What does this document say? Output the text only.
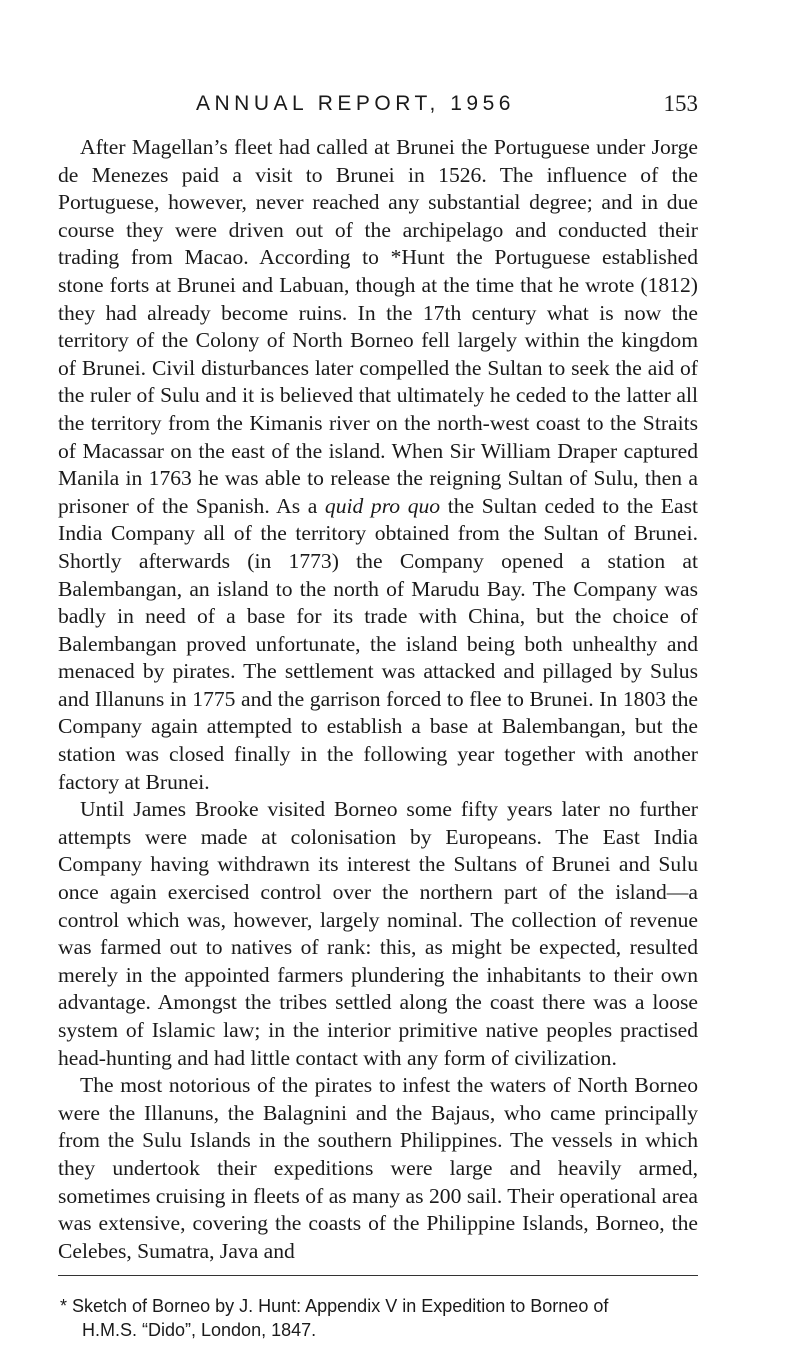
ANNUAL REPORT, 1956	153

After Magellan’s fleet had called at Brunei the Portuguese under Jorge de Menezes paid a visit to Brunei in 1526. The influence of the Portuguese, however, never reached any substantial degree; and in due course they were driven out of the archipelago and conducted their trading from Macao. According to *Hunt the Portuguese established stone forts at Brunei and Labuan, though at the time that he wrote (1812) they had already become ruins. In the 17th century what is now the territory of the Colony of North Borneo fell largely within the kingdom of Brunei. Civil disturbances later compelled the Sultan to seek the aid of the ruler of Sulu and it is believed that ultimately he ceded to the latter all the territory from the Kimanis river on the north-west coast to the Straits of Macassar on the east of the island. When Sir William Draper captured Manila in 1763 he was able to release the reigning Sultan of Sulu, then a prisoner of the Spanish. As a quid pro quo the Sultan ceded to the East India Company all of the territory obtained from the Sultan of Brunei. Shortly afterwards (in 1773) the Company opened a station at Balembangan, an island to the north of Marudu Bay. The Company was badly in need of a base for its trade with China, but the choice of Balembangan proved unfortunate, the island being both unhealthy and menaced by pirates. The settlement was attacked and pillaged by Sulus and Illanuns in 1775 and the garrison forced to flee to Brunei. In 1803 the Company again attempted to establish a base at Balembangan, but the station was closed finally in the following year together with another factory at Brunei.

Until James Brooke visited Borneo some fifty years later no further attempts were made at colonisation by Europeans. The East India Company having withdrawn its interest the Sultans of Brunei and Sulu once again exercised control over the northern part of the island—a control which was, however, largely nominal. The collection of revenue was farmed out to natives of rank: this, as might be expected, resulted merely in the appointed farmers plundering the inhabitants to their own advantage. Amongst the tribes settled along the coast there was a loose system of Islamic law; in the interior primitive native peoples practised head-hunting and had little contact with any form of civilization.

The most notorious of the pirates to infest the waters of North Borneo were the Illanuns, the Balagnini and the Bajaus, who came principally from the Sulu Islands in the southern Philippines. The vessels in which they undertook their expeditions were large and heavily armed, sometimes cruising in fleets of as many as 200 sail. Their operational area was extensive, covering the coasts of the Philippine Islands, Borneo, the Celebes, Sumatra, Java and

* Sketch of Borneo by J. Hunt: Appendix V in Expedition to Borneo of H.M.S. “Dido”, London, 1847.
